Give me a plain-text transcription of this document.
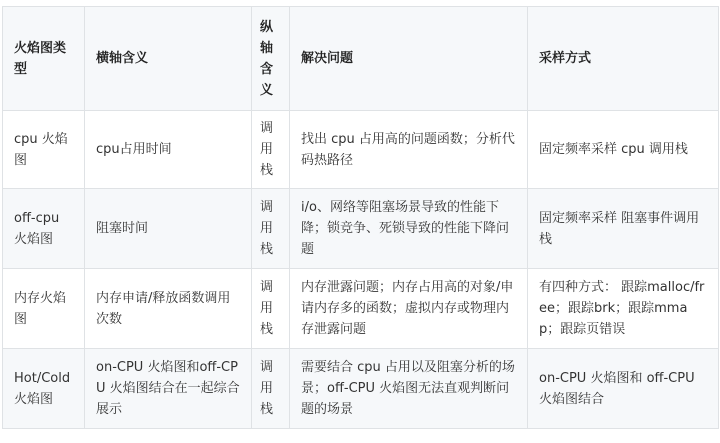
火焰图类型	横轴含义	纵轴含义	解决问题	采样方式
cpu 火焰图	cpu占用时间	调用栈	找出 cpu 占用高的问题函数；分析代码热路径	固定频率采样 cpu 调用栈
off-cpu 火焰图	阻塞时间	调用栈	i/o、网络等阻塞场景导致的性能下降；锁竞争、死锁导致的性能下降问题	固定频率采样 阻塞事件调用栈
内存火焰图	内存申请/释放函数调用次数	调用栈	内存泄露问题；内存占用高的对象/申请内存多的函数；虚拟内存或物理内存泄露问题	有四种方式： 跟踪malloc/free；跟踪brk；跟踪mmap；跟踪页错误
Hot/Cold 火焰图	on-CPU 火焰图和off-CPU 火焰图结合在一起综合展示	调用栈	需要结合 cpu 占用以及阻塞分析的场景；off-CPU 火焰图无法直观判断问题的场景	on-CPU 火焰图和 off-CPU 火焰图结合
